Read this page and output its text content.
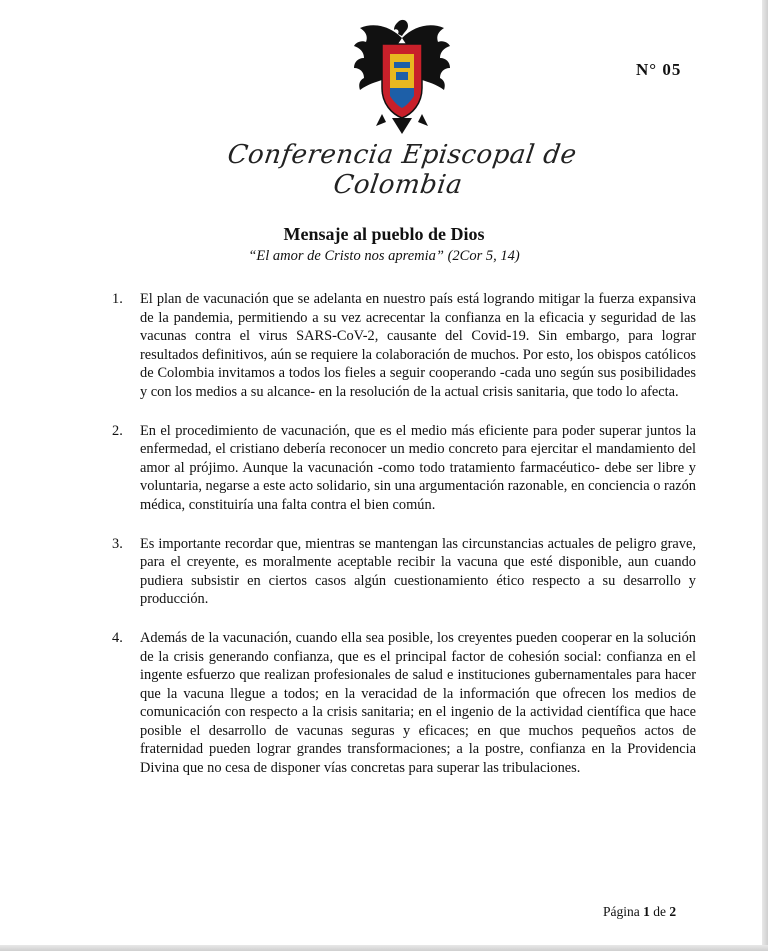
N° 05
Conferencia Episcopal de Colombia
Mensaje al pueblo de Dios
“El amor de Cristo nos apremia” (2Cor 5, 14)
1. El plan de vacunación que se adelanta en nuestro país está logrando mitigar la fuerza expansiva de la pandemia, permitiendo a su vez acrecentar la confianza en la eficacia y seguridad de las vacunas contra el virus SARS-CoV-2, causante del Covid-19. Sin embargo, para lograr resultados definitivos, aún se requiere la colaboración de muchos. Por esto, los obispos católicos de Colombia invitamos a todos los fieles a seguir cooperando -cada uno según sus posibilidades y con los medios a su alcance- en la resolución de la actual crisis sanitaria, que todo lo afecta.
2. En el procedimiento de vacunación, que es el medio más eficiente para poder superar juntos la enfermedad, el cristiano debería reconocer un medio concreto para ejercitar el mandamiento del amor al prójimo. Aunque la vacunación -como todo tratamiento farmacéutico- debe ser libre y voluntaria, negarse a este acto solidario, sin una argumentación razonable, en conciencia o razón médica, constituiría una falta contra el bien común.
3. Es importante recordar que, mientras se mantengan las circunstancias actuales de peligro grave, para el creyente, es moralmente aceptable recibir la vacuna que esté disponible, aun cuando pudiera subsistir en ciertos casos algún cuestionamiento ético respecto a su desarrollo y producción.
4. Además de la vacunación, cuando ella sea posible, los creyentes pueden cooperar en la solución de la crisis generando confianza, que es el principal factor de cohesión social: confianza en el ingente esfuerzo que realizan profesionales de salud e instituciones gubernamentales para hacer que la vacuna llegue a todos; en la veracidad de la información que ofrecen los medios de comunicación con respecto a la crisis sanitaria; en el ingenio de la actividad científica que hace posible el desarrollo de vacunas seguras y eficaces; en que muchos pequeños actos de fraternidad pueden lograr grandes transformaciones; a la postre, confianza en la Providencia Divina que no cesa de disponer vías concretas para superar las tribulaciones.
Página 1 de 2
